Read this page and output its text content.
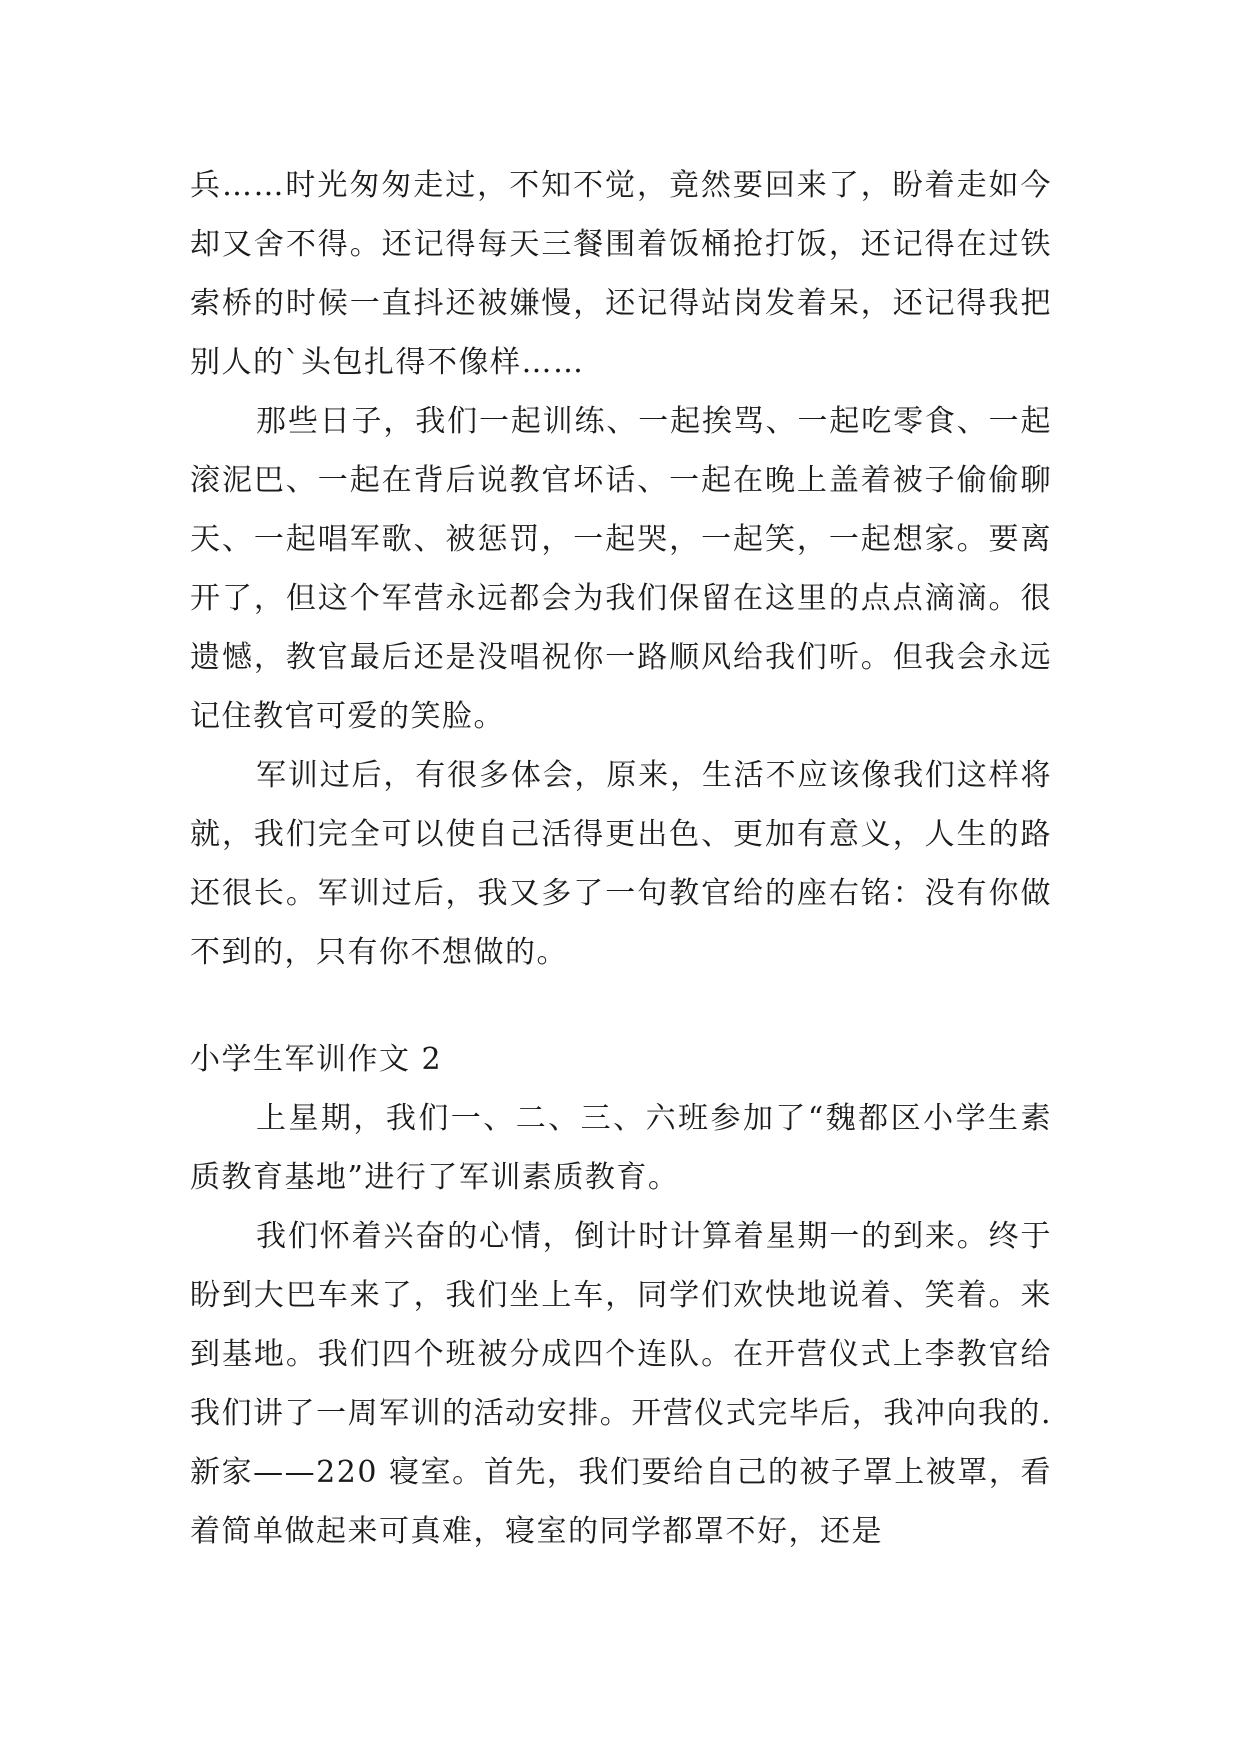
兵……时光匆匆走过，不知不觉，竟然要回来了，盼着走如今却又舍不得。还记得每天三餐围着饭桶抢打饭，还记得在过铁索桥的时候一直抖还被嫌慢，还记得站岗发着呆，还记得我把别人的`头包扎得不像样……

那些日子，我们一起训练、一起挨骂、一起吃零食、一起滚泥巴、一起在背后说教官坏话、一起在晚上盖着被子偷偷聊天、一起唱军歌、被惩罚，一起哭，一起笑，一起想家。要离开了，但这个军营永远都会为我们保留在这里的点点滴滴。很遗憾，教官最后还是没唱祝你一路顺风给我们听。但我会永远记住教官可爱的笑脸。

军训过后，有很多体会，原来，生活不应该像我们这样将就，我们完全可以使自己活得更出色、更加有意义，人生的路还很长。军训过后，我又多了一句教官给的座右铭：没有你做不到的，只有你不想做的。

小学生军训作文 2

上星期，我们一、二、三、六班参加了“魏都区小学生素质教育基地”进行了军训素质教育。

我们怀着兴奋的心情，倒计时计算着星期一的到来。终于盼到大巴车来了，我们坐上车，同学们欢快地说着、笑着。来到基地。我们四个班被分成四个连队。在开营仪式上李教官给我们讲了一周军训的活动安排。开营仪式完毕后，我冲向我的.新家——220 寝室。首先，我们要给自己的被子罩上被罩，看着简单做起来可真难，寝室的同学都罩不好，还是
